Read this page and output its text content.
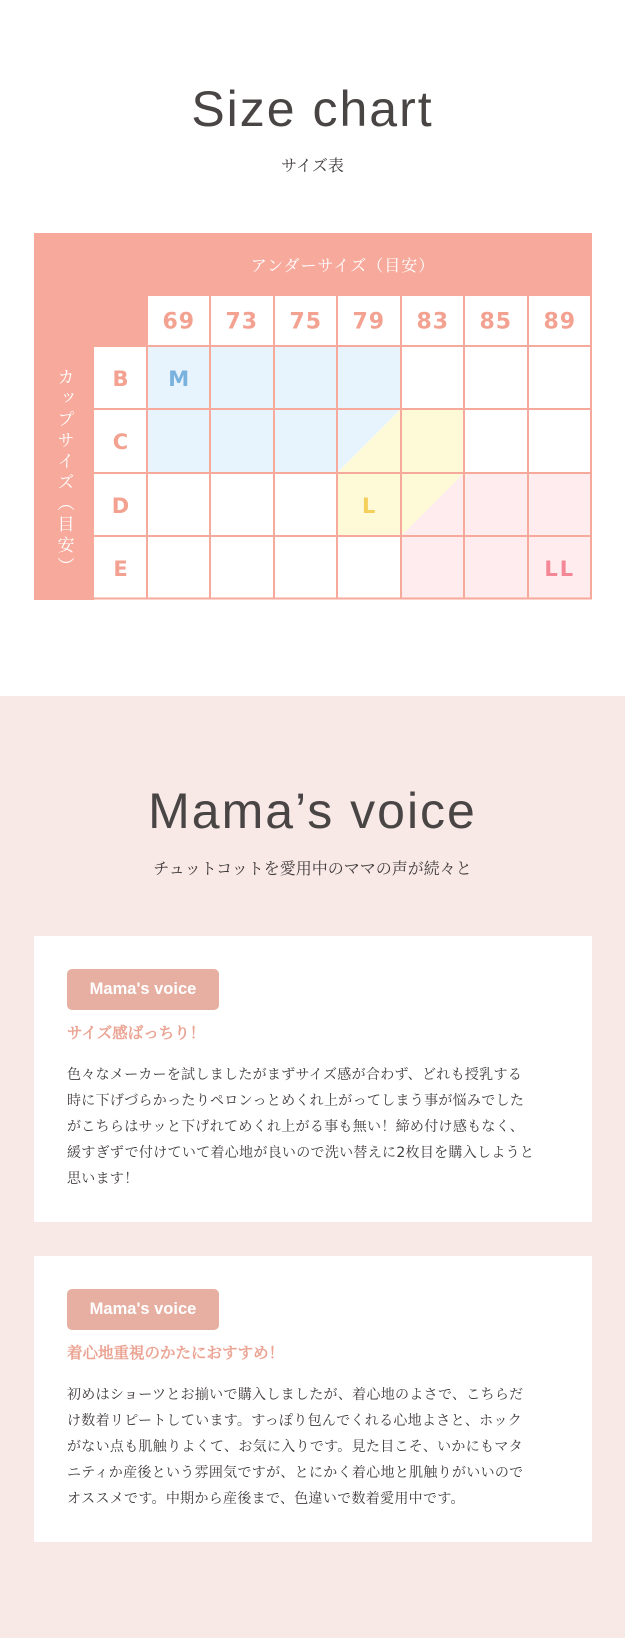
Size chart

サイズ表

アンダーサイズ（目安）
カップサイズ（目安）
69 73 75 79 83 85 89
B
C
D
E
M
L
LL
Mama’s voice

チュットコットを愛用中のママの声が続々と

Mama's voice
サイズ感ばっちり！
色々なメーカーを試しましたがまずサイズ感が合わず、どれも授乳する
時に下げづらかったりペロンっとめくれ上がってしまう事が悩みでした
がこちらはサッと下げれてめくれ上がる事も無い！締め付け感もなく、
緩すぎずで付けていて着心地が良いので洗い替えに2枚目を購入しようと
思います！
Mama's voice
着心地重視のかたにおすすめ！
初めはショーツとお揃いで購入しましたが、着心地のよさで、こちらだ
け数着リピートしています。すっぽり包んでくれる心地よさと、ホック
がない点も肌触りよくて、お気に入りです。見た目こそ、いかにもマタ
ニティか産後という雰囲気ですが、とにかく着心地と肌触りがいいので
オススメです。中期から産後まで、色違いで数着愛用中です。
